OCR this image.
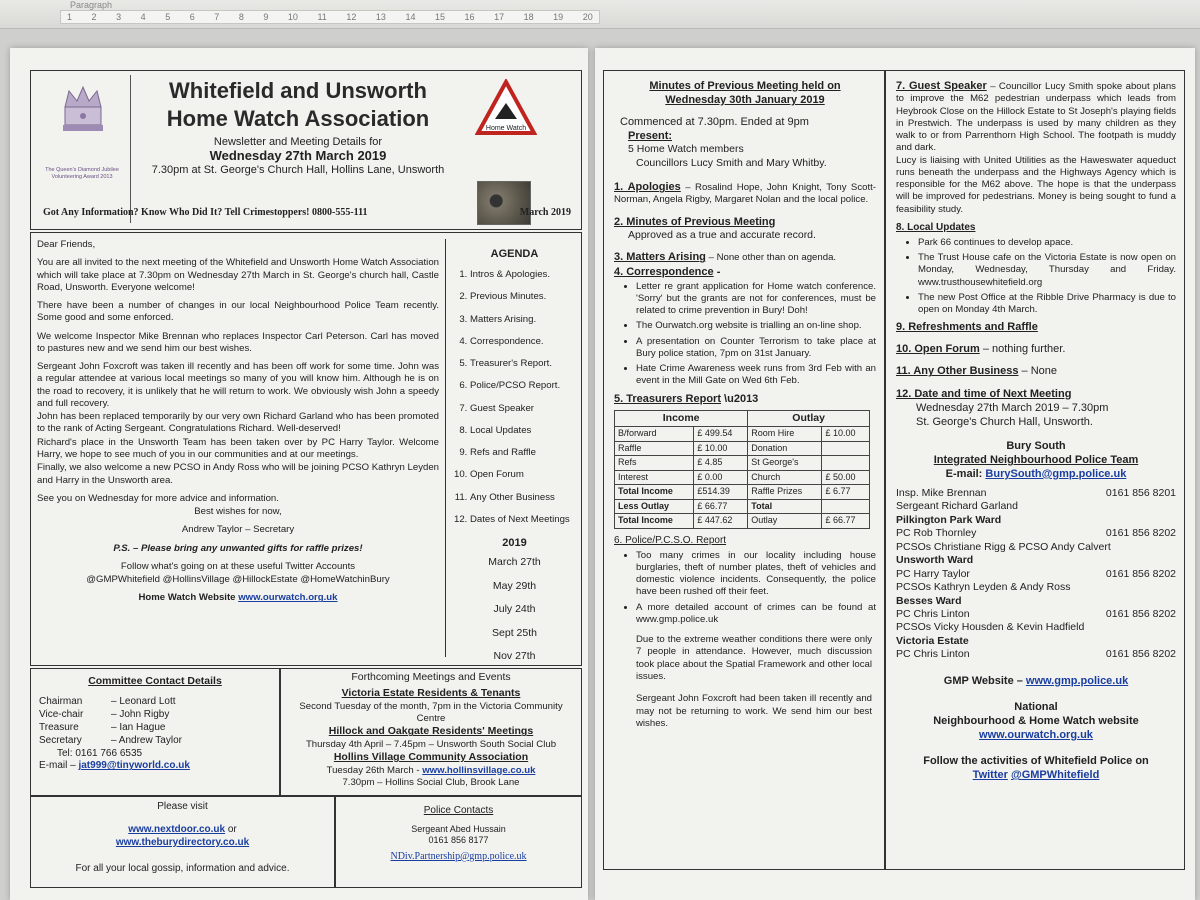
Paragraph
1 2 3 4 5 6 7 8 9 10 11 12 13 14 15 16 17 18 19 20
The Queen's Diamond Jubilee Volunteering Award 2013
Whitefield and Unsworth
Home Watch Association
Newsletter and Meeting Details for
Wednesday 27th March 2019
7.30pm at St. George's Church Hall, Hollins Lane, Unsworth
Home Watch
Got Any Information? Know Who Did It? Tell Crimestoppers! 0800-555-111	March 2019

Dear Friends,

You are all invited to the next meeting of the Whitefield and Unsworth Home Watch Association which will take place at 7.30pm on Wednesday 27th March in St. George's church hall, Castle Road, Unsworth. Everyone welcome!

There have been a number of changes in our local Neighbourhood Police Team recently. Some good and some enforced.

We welcome Inspector Mike Brennan who replaces Inspector Carl Peterson. Carl has moved to pastures new and we send him our best wishes.

Sergeant John Foxcroft was taken ill recently and has been off work for some time. John was a regular attendee at various local meetings so many of you will know him. Although he is on the road to recovery, it is unlikely that he will return to work. We obviously wish John a speedy and full recovery.

John has been replaced temporarily by our very own Richard Garland who has been promoted to the rank of Acting Sergeant. Congratulations Richard. Well-deserved!

Richard's place in the Unsworth Team has been taken over by PC Harry Taylor. Welcome Harry, we hope to see much of you in our communities and at our meetings.

Finally, we also welcome a new PCSO in Andy Ross who will be joining PCSO Kathryn Leyden and Harry in the Unsworth area.

See you on Wednesday for more advice and information.

Best wishes for now,

Andrew Taylor – Secretary

P.S. – Please bring any unwanted gifts for raffle prizes!

Follow what's going on at these useful Twitter Accounts

@GMPWhitefield @HollinsVillage @HillockEstate @HomeWatchinBury

Home Watch Website www.ourwatch.org.uk

AGENDA
1. Intros & Apologies.
2. Previous Minutes.
3. Matters Arising.
4. Correspondence.
5. Treasurer's Report.
6. Police/PCSO Report.
7. Guest Speaker
8. Local Updates
9. Refs and Raffle
10. Open Forum
11. Any Other Business
12. Dates of Next Meetings
2019
March 27th
May 29th
July 24th
Sept 25th
Nov 27th
Committee Contact Details
Chairman	– Leonard Lott
Vice-chair	– John Rigby
Treasure	– Ian Hague
Secretary	– Andrew Taylor
Tel: 0161 766 6535
E-mail – jat999@tinyworld.co.uk
Forthcoming Meetings and Events
Victoria Estate Residents & Tenants
Second Tuesday of the month, 7pm in the Victoria Community Centre
Hillock and Oakgate Residents' Meetings
Thursday 4th April – 7.45pm – Unsworth South Social Club
Hollins Village Community Association
Tuesday 26th March - www.hollinsvillage.co.uk
7.30pm – Hollins Social Club, Brook Lane
Please visit
www.nextdoor.co.uk or
www.theburydirectory.co.uk
For all your local gossip, information and advice.
Police Contacts
Sergeant Abed Hussain
0161 856 8177
NDiv.Partnership@gmp.police.uk
Minutes of Previous Meeting held on
Wednesday 30th January 2019
Commenced at 7.30pm. Ended at 9pm
Present:
5 Home Watch members
Councillors Lucy Smith and Mary Whitby.
1. Apologies – Rosalind Hope, John Knight, Tony Scott-Norman, Angela Rigby, Margaret Nolan and the local police.
2. Minutes of Previous Meeting
Approved as a true and accurate record.
3. Matters Arising – None other than on agenda.
4. Correspondence -
• Letter re grant application for Home watch conference. 'Sorry' but the grants are not for conferences, must be related to crime prevention in Bury! Doh!
• The Ourwatch.org website is trialling an on-line shop.
• A presentation on Counter Terrorism to take place at Bury police station, 7pm on 31st January.
• Hate Crime Awareness week runs from 3rd Feb with an event in the Mill Gate on Wed 6th Feb.
5. Treasurers Report \u2013
Income		Outlay	
B/forward	£ 499.54	Room Hire	£ 10.00
Raffle	£ 10.00	Donation	
Refs	£ 4.85	St George's	
Interest	£ 0.00	Church	£ 50.00
Total Income	£514.39	Raffle Prizes	£ 6.77
Less Outlay	£ 66.77	Total	
Total Income	£ 447.62	Outlay	£ 66.77
6. Police/P.C.S.O. Report
• Too many crimes in our locality including house burglaries, theft of number plates, theft of vehicles and domestic violence incidents. Consequently, the police have been rushed off their feet.
• A more detailed account of crimes can be found at www.gmp.police.uk
Due to the extreme weather conditions there were only 7 people in attendance. However, much discussion took place about the Spatial Framework and other local issues.
Sergeant John Foxcroft had been taken ill recently and may not be returning to work. We send him our best wishes.
7. Guest Speaker – Councillor Lucy Smith spoke about plans to improve the M62 pedestrian underpass which leads from Heybrook Close on the Hillock Estate to St Joseph's playing fields in Prestwich. The underpass is used by many children as they walk to or from Parrenthorn High School. The footpath is muddy and dark.
Lucy is liaising with United Utilities as the Haweswater aqueduct runs beneath the underpass and the Highways Agency which is responsible for the M62 above. The hope is that the underpass will be improved for pedestrians. Money is being sought to fund a feasibility study.
8. Local Updates
• Park 66 continues to develop apace.
• The Trust House cafe on the Victoria Estate is now open on Monday, Wednesday, Thursday and Friday. www.trusthousewhitefield.org
• The new Post Office at the Ribble Drive Pharmacy is due to open on Monday 4th March.
9. Refreshments and Raffle
10. Open Forum – nothing further.
11. Any Other Business – None
12. Date and time of Next Meeting
Wednesday 27th March 2019 – 7.30pm
St. George's Church Hall, Unsworth.
Bury South
Integrated Neighbourhood Police Team
E-mail: BurySouth@gmp.police.uk
Insp. Mike Brennan	0161 856 8201
Sergeant Richard Garland
Pilkington Park Ward
PC Rob Thornley	0161 856 8202
PCSOs Christiane Rigg & PCSO Andy Calvert
Unsworth Ward
PC Harry Taylor	0161 856 8202
PCSOs Kathryn Leyden & Andy Ross
Besses Ward
PC Chris Linton	0161 856 8202
PCSOs Vicky Housden & Kevin Hadfield
Victoria Estate
PC Chris Linton	0161 856 8202
GMP Website – www.gmp.police.uk
National
Neighbourhood & Home Watch website
www.ourwatch.org.uk
Follow the activities of Whitefield Police on
Twitter @GMPWhitefield
